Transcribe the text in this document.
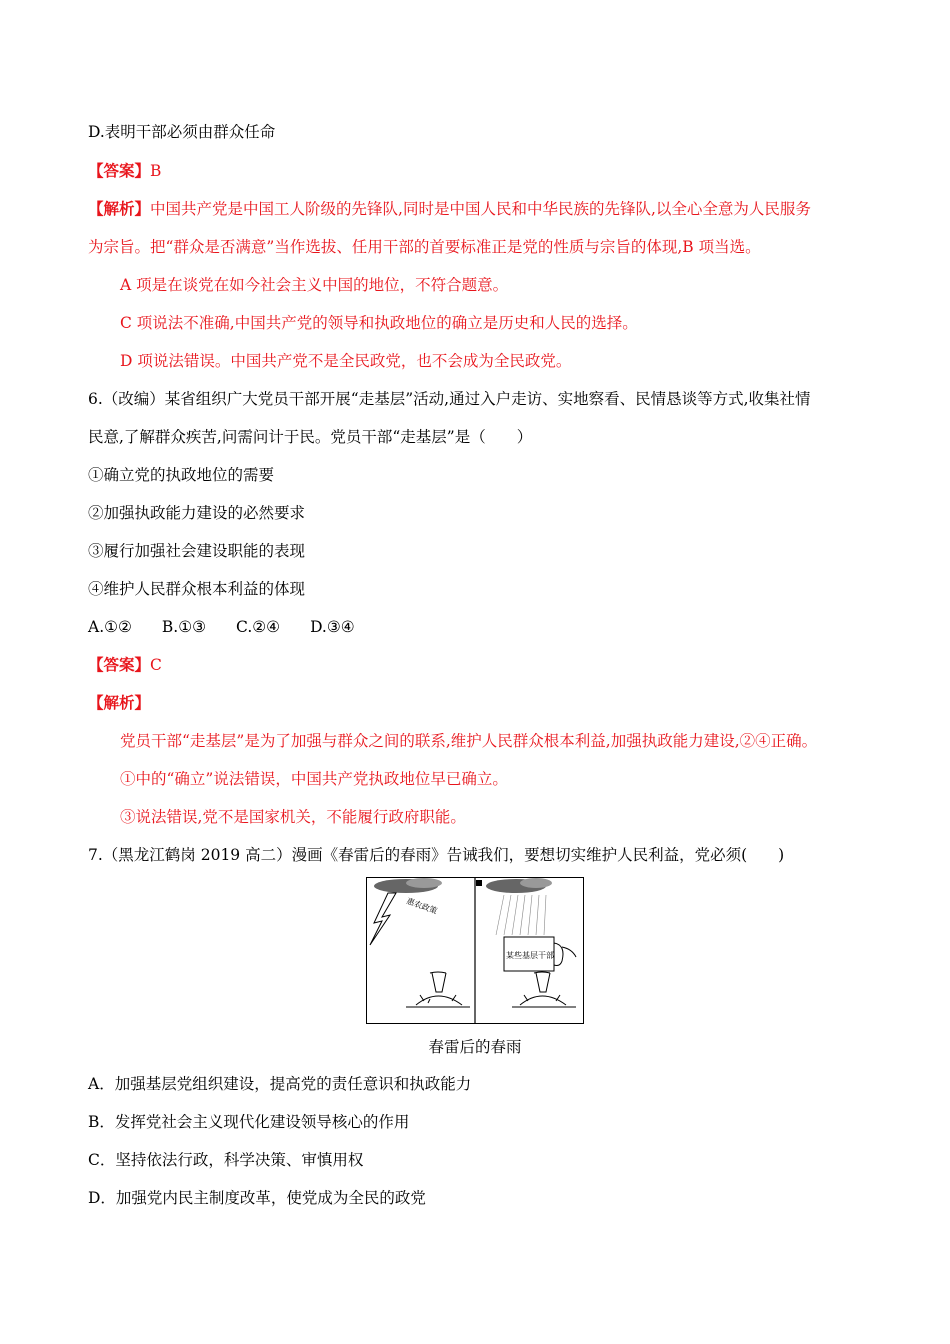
D.表明干部必须由群众任命
【答案】B
【解析】中国共产党是中国工人阶级的先锋队,同时是中国人民和中华民族的先锋队,以全心全意为人民服务
为宗旨。把“群众是否满意”当作选拔、任用干部的首要标准正是党的性质与宗旨的体现,B 项当选。
A 项是在谈党在如今社会主义中国的地位，不符合题意。
C 项说法不准确,中国共产党的领导和执政地位的确立是历史和人民的选择。
D 项说法错误。中国共产党不是全民政党，也不会成为全民政党。
6.（改编）某省组织广大党员干部开展“走基层”活动,通过入户走访、实地察看、民情恳谈等方式,收集社情
民意,了解群众疾苦,问需问计于民。党员干部“走基层”是（　　）
①确立党的执政地位的需要
②加强执政能力建设的必然要求
③履行加强社会建设职能的表现
④维护人民群众根本利益的体现
A.①② B.①③ C.②④ D.③④
【答案】C
【解析】
党员干部“走基层”是为了加强与群众之间的联系,维护人民群众根本利益,加强执政能力建设,②④正确。
①中的“确立”说法错误，中国共产党执政地位早已确立。
③说法错误,党不是国家机关，不能履行政府职能。
7.（黑龙江鹤岗 2019 高二）漫画《春雷后的春雨》告诫我们，要想切实维护人民利益，党必须(　　)
惠农政策
某些基层干部
春雷后的春雨
A．加强基层党组织建设，提高党的责任意识和执政能力
B．发挥党社会主义现代化建设领导核心的作用
C．坚持依法行政，科学决策、审慎用权
D．加强党内民主制度改革，使党成为全民的政党
